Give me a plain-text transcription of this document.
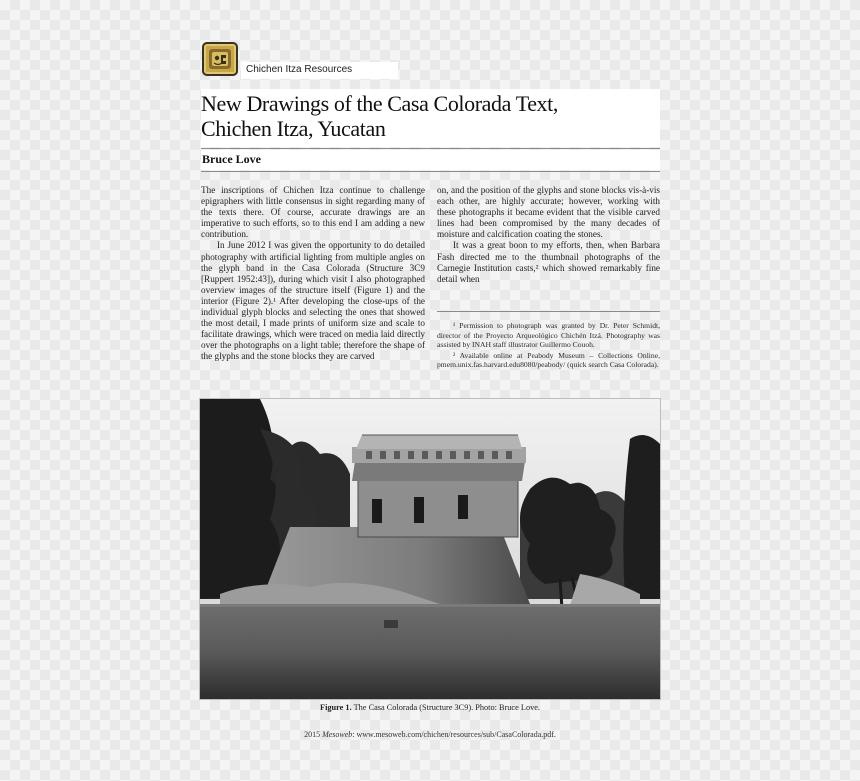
Chichen Itza Resources
New Drawings of the Casa Colorada Text,
Chichen Itza, Yucatan
Bruce Love

The inscriptions of Chichen Itza continue to challenge epigraphers with little consensus in sight regarding many of the texts there. Of course, accurate drawings are an imperative to such efforts, so to this end I am adding a new contribution.

In June 2012 I was given the opportunity to do detailed photography with artificial lighting from multiple angles on the glyph band in the Casa Colorada (Structure 3C9 [Ruppert 1952:43]), during which visit I also photographed overview images of the structure itself (Figure 1) and the interior (Figure 2).¹ After developing the close-ups of the individual glyph blocks and selecting the ones that showed the most detail, I made prints of uniform size and scale to facilitate drawings, which were traced on media laid directly over the photographs on a light table; therefore the shape of the glyphs and the stone blocks they are carved

on, and the position of the glyphs and stone blocks vis-à-vis each other, are highly accurate; however, working with these photographs it became evident that the visible carved lines had been compromised by the many decades of moisture and calcification coating the stones.

It was a great boon to my efforts, then, when Barbara Fash directed me to the thumbnail photographs of the Carnegie Institution casts,² which showed remarkably fine detail when

¹ Permission to photograph was granted by Dr. Peter Schmidt, director of the Proyecto Arqueológico Chichén Itzá. Photography was assisted by INAH staff illustrator Guillermo Couoh.

² Available online at Peabody Museum – Collections Online, pmem.unix.fas.harvard.edu8080/peabody/ (quick search Casa Colorada).

Figure 1. The Casa Colorada (Structure 3C9). Photo: Bruce Love.
2015 Mesoweb: www.mesoweb.com/chichen/resources/sub/CasaColorada.pdf.
